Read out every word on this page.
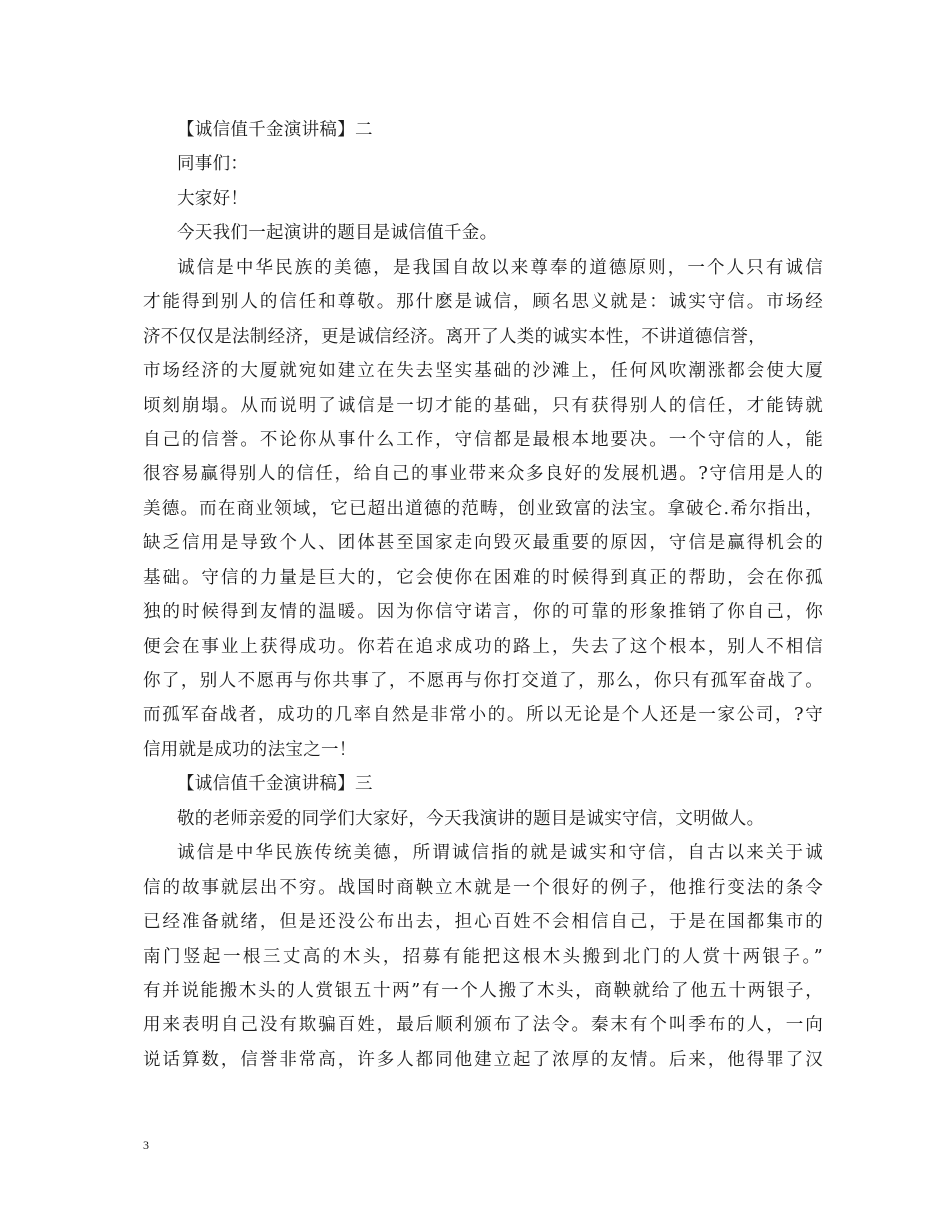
【诚信值千金演讲稿】二
同事们：
大家好！
今天我们一起演讲的题目是诚信值千金。
诚信是中华民族的美德，是我国自故以来尊奉的道德原则，一个人只有诚信
才能得到别人的信任和尊敬。那什麽是诚信，顾名思义就是：诚实守信。市场经
济不仅仅是法制经济，更是诚信经济。离开了人类的诚实本性，不讲道德信誉，
市场经济的大厦就宛如建立在失去坚实基础的沙滩上，任何风吹潮涨都会使大厦
顷刻崩塌。从而说明了诚信是一切才能的基础，只有获得别人的信任，才能铸就
自己的信誉。不论你从事什么工作，守信都是最根本地要决。一个守信的人，能
很容易赢得别人的信任，给自己的事业带来众多良好的发展机遇。?守信用是人的
美德。而在商业领域，它已超出道德的范畴，创业致富的法宝。拿破仑.希尔指出，
缺乏信用是导致个人、团体甚至国家走向毁灭最重要的原因，守信是赢得机会的
基础。守信的力量是巨大的，它会使你在困难的时候得到真正的帮助，会在你孤
独的时候得到友情的温暖。因为你信守诺言，你的可靠的形象推销了你自己，你
便会在事业上获得成功。你若在追求成功的路上，失去了这个根本，别人不相信
你了，别人不愿再与你共事了，不愿再与你打交道了，那么，你只有孤军奋战了。
而孤军奋战者，成功的几率自然是非常小的。所以无论是个人还是一家公司，?守
信用就是成功的法宝之一！
【诚信值千金演讲稿】三
敬的老师亲爱的同学们大家好，今天我演讲的题目是诚实守信，文明做人。
诚信是中华民族传统美德，所谓诚信指的就是诚实和守信，自古以来关于诚
信的故事就层出不穷。战国时商鞅立木就是一个很好的例子，他推行变法的条令
已经准备就绪，但是还没公布出去，担心百姓不会相信自己，于是在国都集市的
南门竖起一根三丈高的木头，招募有能把这根木头搬到北门的人赏十两银子。”
有并说能搬木头的人赏银五十两”有一个人搬了木头，商鞅就给了他五十两银子，
用来表明自己没有欺骗百姓，最后顺利颁布了法令。秦末有个叫季布的人，一向
说话算数，信誉非常高，许多人都同他建立起了浓厚的友情。后来，他得罪了汉
3
